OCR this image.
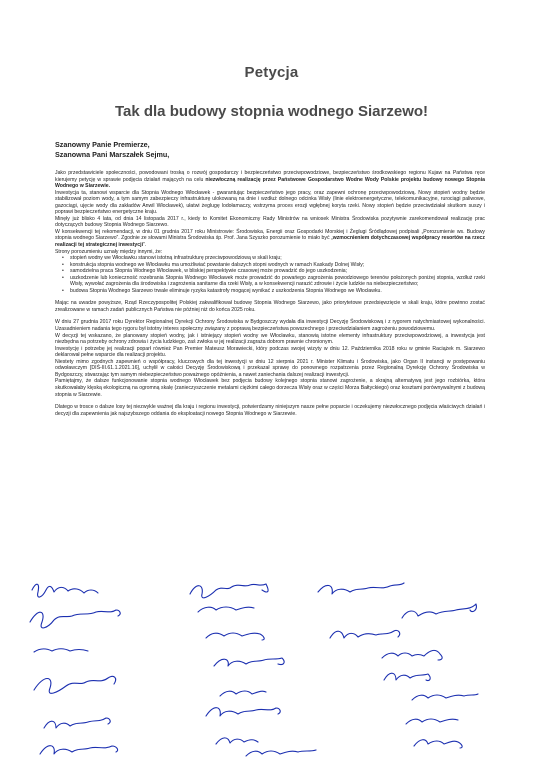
Petycja
Tak dla budowy stopnia wodnego Siarzewo!
Szanowny Panie Premierze,
Szanowna Pani Marszałek Sejmu,

Jako przedstawiciele społeczności, powodowani troską o rozwój gospodarczy i bezpieczeństwo przeciwpowodziowe, bezpieczeństwo środkowskiego regionu Kujaw na Państwa ręce kierujemy petycję w sprawie podjęcia działań mających na celu niezwłoczną realizację przez Państwowe Gospodarstwo Wodne Wody Polskie projektu budowy nowego Stopnia Wodnego w Siarzewie.

Inwestycja ta, stanowi wsparcie dla Stopnia Wodnego Włocławek - gwarantując bezpieczeństwo jego pracy, oraz zapewni ochronę przeciwpowodziową. Nowy stopień wodny będzie stabilizował poziom wody, a tym samym zabezpieczy infrastrukturę ulokowaną na dnie i wzdłuż dolnego odcinka Wisły (linie elektroenergetyczne, telekomunikacyjne, rurociągi paliwowe, gazociągi, ujęcie wody dla zakładów Anwil Włocławek), ułatwi żeglugę lodołamaczy, wstrzyma proces erozji wgłębnej koryta rzeki. Nowy stopień będzie przeciwdziałał skutkom suszy i poprawi bezpieczeństwo energetyczne kraju.

Minęły już blisko 4 lata, od dnia 14 listopada 2017 r., kiedy to Komitet Ekonomiczny Rady Ministrów na wniosek Ministra Środowiska pozytywnie zarekomendował realizację prac dotyczących budowy Stopnia Wodnego Siarzewo.

W konsekwencji tej rekomendacji, w dniu 01 grudnia 2017 roku Ministrowie: Środowiska, Energii oraz Gospodarki Morskiej i Żeglugi Śródlądowej podpisali „Porozumienie ws. Budowy stopnia wodnego Siarzewo”. Zgodnie ze słowami Ministra Środowiska śp. Prof. Jana Szyszko porozumienie to miało być „wzmocnieniem dotychczasowej współpracy resortów na rzecz realizacji tej strategicznej inwestycji”.

Strony porozumieniu uznały między innymi, że:

• stopień wodny we Włocławku stanowi istotną infrastrukturę przeciwpowodziową w skali kraju;
• konstrukcja stopnia wodnego we Włocławku ma umożliwiać powstanie dalszych stopni wodnych w ramach Kaskady Dolnej Wisły;
• samodzielna praca Stopnia Wodnego Włocławek, w bliskiej perspektywie czasowej może prowadzić do jego uszkodzenia;
• uszkodzenie lub konieczność rozebrania Stopnia Wodnego Włocławek może prowadzić do powańego zagrożenia powodziowego terenów położonych poniżej stopnia, wzdłuż rzeki Wisły, wywołać zagrożenia dla środowiska i zagrożenia sanitarne dla rzeki Wisły, a w konsekwencji narazić zdrowie i życie ludzkie na niebezpieczeństwo;
• budowa Stopnia Wodnego Siarzewo trwale eliminuje ryzyka katastrofy mogącej wynikać z uszkodzenia Stopnia Wodnego we Włocławku.

Mając na uwadze powyższe, Rząd Rzeczypospolitej Polskiej zakwalifikował budowę Stopnia Wodnego Siarzewo, jako priorytetowe przedsięwzięcie w skali kraju, które powinno zostać zrealizowane w ramach zadań publicznych Państwa nie później niż do końca 2025 roku.

W dniu 27 grudnia 2017 roku Dyrektor Regionalnej Dyrekcji Ochrony Środowiska w Bydgoszczy wydała dla inwestycji Decyzję Środowiskową i z rygorem natychmiastowej wykonalności. Uzasadnieniem nadania tego rygoru był istotny interes społeczny związany z poprawą bezpieczeństwa powszechnego i przeciwdziałaniem zagrożeniu powodziowemu.

W decyzji tej wskazano, że planowany stopień wodny, jak i istniejący stopień wodny we Włocławku, stanowią istotne elementy infrastruktury przeciwpowodziowej, a inwestycja jest niezbędna na potrzeby ochrony zdrowia i życia ludzkiego, zaś zwłoka w jej realizacji zagraża dobrom prawnie chronionym.

Inwestycję i potrzebę jej realizacji poparł również Pan Premier Mateusz Morawiecki, który podczas swojej wizyty w dniu 12. Października 2018 roku w gminie Raciążek m. Siarzewo deklarował pełne wsparcie dla realizacji projektu.

Niestety mimo zgodnych zapewnień o współpracy, kluczowych dla tej inwestycji w dniu 12 sierpnia 2021 r. Minister Klimatu i Środowiska, jako Organ II instancji w postępowaniu odwoławczym [DIŚ-III.61.1.2021.16], uchylił w całości Decyzję Środowiskową i przekazał sprawę do ponownego rozpatrzenia przez Regionalną Dyrekcję Ochrony Środowiska w Bydgoszczy, stwarzając tym samym niebezpieczeństwo poważnego opóźnienia, a nawet zaniechania dalszej realizacji inwestycji.

Pamiętajmy, że dalsze funkcjonowanie stopnia wodnego Włocławek bez podjęcia budowy kolejnego stopnia stanowi zagrożenie, a skrajną alternatywą jest jego rozbiórka, która skutkowałaby klęską ekologiczną na ogromną skalę (zanieczyszczenie metalami ciężkimi całego dorzecza Wisły oraz w części Morza Bałtyckiego) oraz kosztami porównywalnymi z budową stopnia w Siarzewie.

Dlatego w trosce o dalsze losy tej niezwykle ważnej dla kraju i regionu inwestycji, potwierdzamy niniejszym nasze pełne poparcie i oczekujemy niezwłocznego podjęcia właściwych działań i decyzji dla zapewnienia jak najszybszego oddania do eksploatacji nowego Stopnia Wodnego w Siarzewie.
